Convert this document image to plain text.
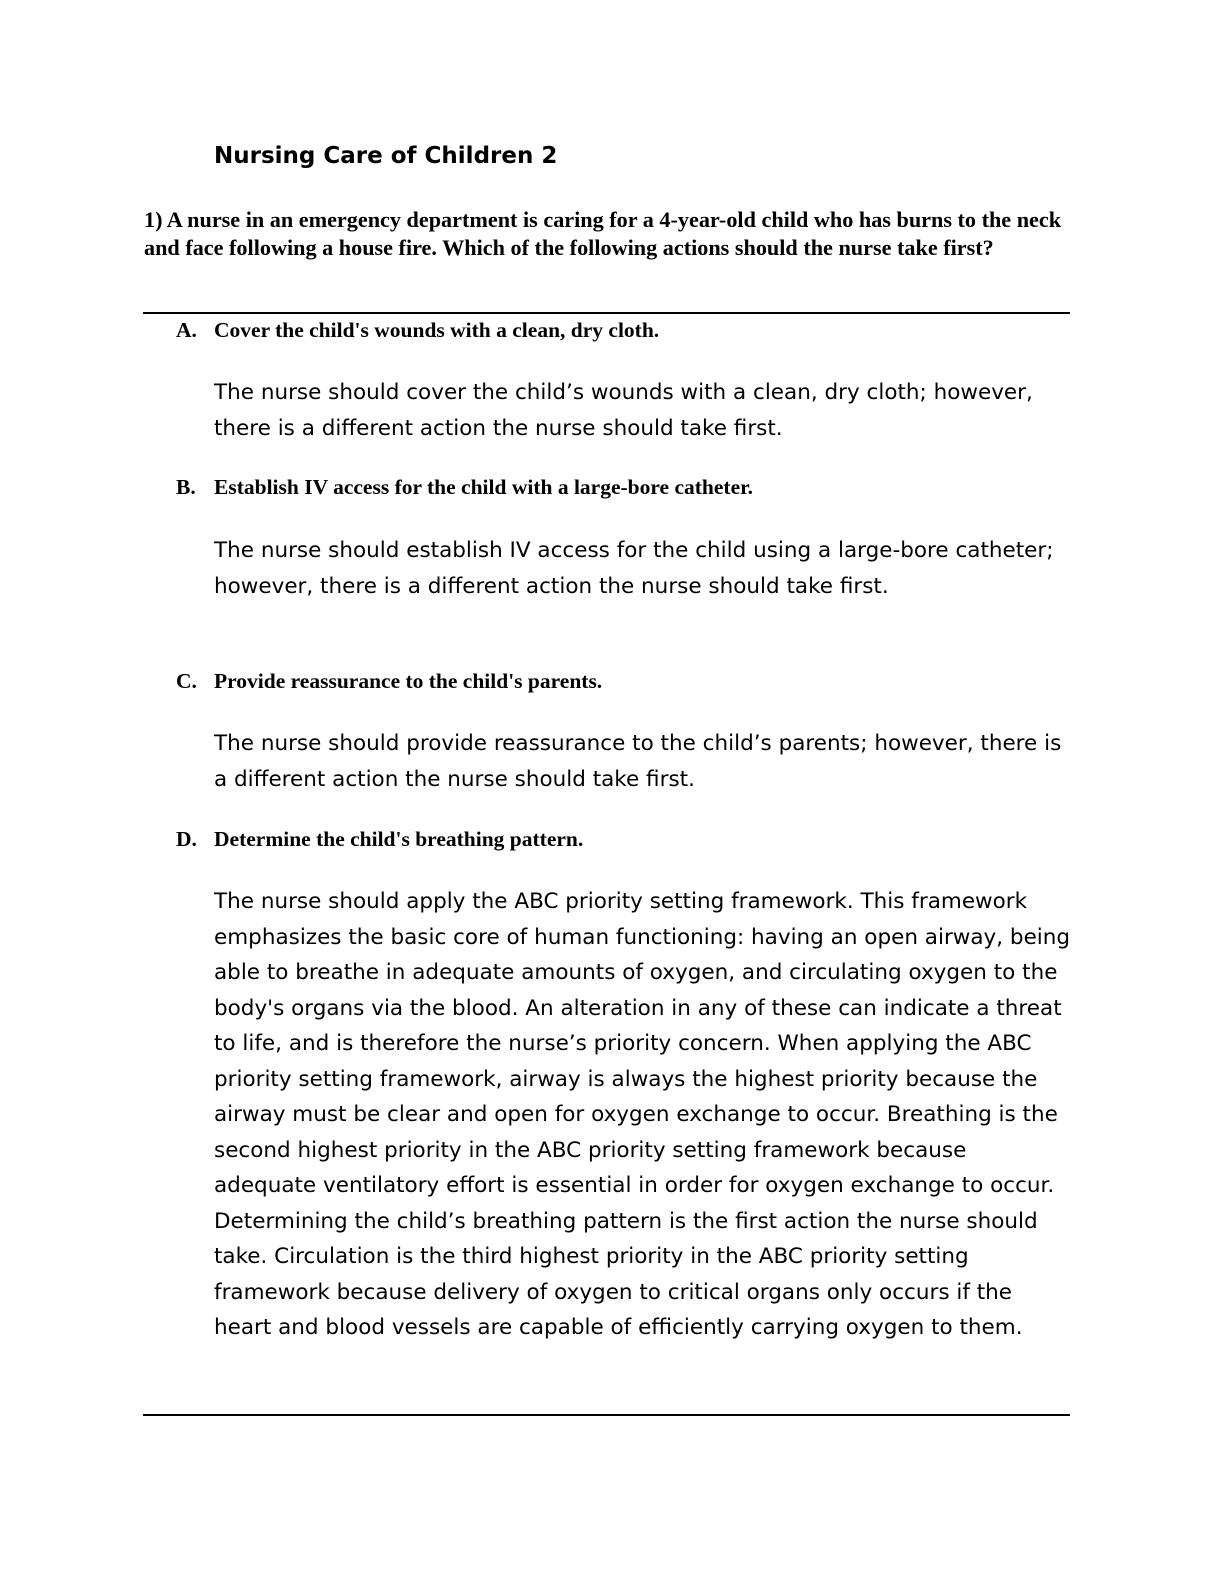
Nursing Care of Children 2
1) A nurse in an emergency department is caring for a 4-year-old child who has burns to the neck and face following a house fire. Which of the following actions should the nurse take first?
A. Cover the child's wounds with a clean, dry cloth.
The nurse should cover the child’s wounds with a clean, dry cloth; however, there is a different action the nurse should take first.
B. Establish IV access for the child with a large-bore catheter.
The nurse should establish IV access for the child using a large-bore catheter; however, there is a different action the nurse should take first.
C. Provide reassurance to the child's parents.
The nurse should provide reassurance to the child’s parents; however, there is a different action the nurse should take first.
D. Determine the child's breathing pattern.
The nurse should apply the ABC priority setting framework. This framework emphasizes the basic core of human functioning: having an open airway, being able to breathe in adequate amounts of oxygen, and circulating oxygen to the body's organs via the blood. An alteration in any of these can indicate a threat to life, and is therefore the nurse’s priority concern. When applying the ABC priority setting framework, airway is always the highest priority because the airway must be clear and open for oxygen exchange to occur. Breathing is the second highest priority in the ABC priority setting framework because adequate ventilatory effort is essential in order for oxygen exchange to occur. Determining the child’s breathing pattern is the first action the nurse should take. Circulation is the third highest priority in the ABC priority setting framework because delivery of oxygen to critical organs only occurs if the heart and blood vessels are capable of efficiently carrying oxygen to them.
